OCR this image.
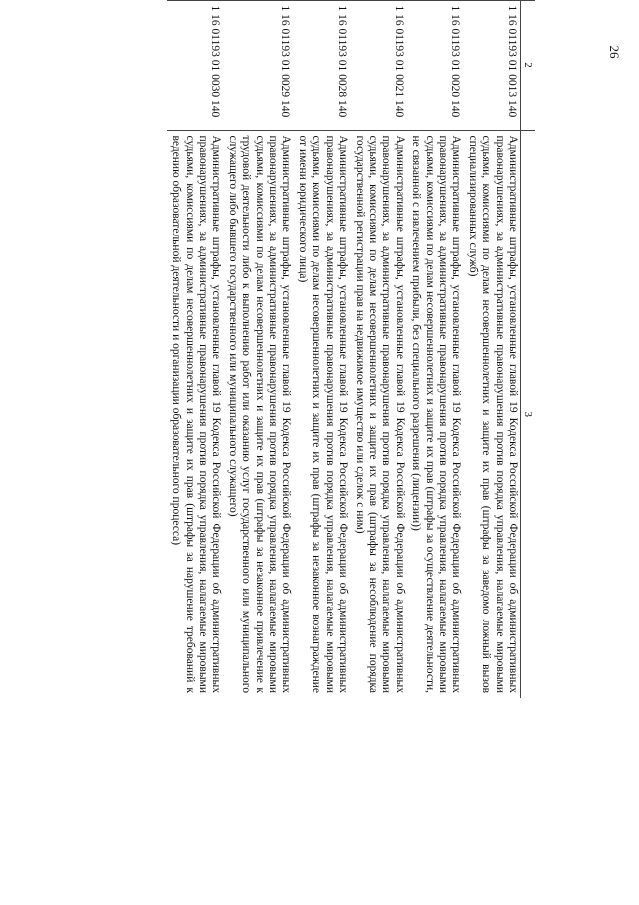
26
	2	3
	1 16 01193 01 0013 140	Административные штрафы, установленные главой 19 Кодекса Российской Федерации об административных правонарушениях, за административные правонарушения против порядка управления, налагаемые мировыми судьями, комиссиями по делам несовершеннолетних и защите их прав (штрафы за заведомо ложный вызов специализированных служб)
	1 16 01193 01 0020 140	Административные штрафы, установленные главой 19 Кодекса Российской Федерации об административных правонарушениях, за административные правонарушения против порядка управления, налагаемые мировыми судьями, комиссиями по делам несовершеннолетних и защите их прав (штрафы за осуществление деятельности, не связанной с извлечением прибыли, без специального разрешения (лицензии))
	1 16 01193 01 0021 140	Административные штрафы, установленные главой 19 Кодекса Российской Федерации об административных правонарушениях, за административные правонарушения против порядка управления, налагаемые мировыми судьями, комиссиями по делам несовершеннолетних и защите их прав (штрафы за несоблюдение порядка государственной регистрации прав на недвижимое имущество или сделок с ним)
	1 16 01193 01 0028 140	Административные штрафы, установленные главой 19 Кодекса Российской Федерации об административных правонарушениях, за административные правонарушения против порядка управления, налагаемые мировыми судьями, комиссиями по делам несовершеннолетних и защите их прав (штрафы за незаконное вознаграждение от имени юридического лица)
	1 16 01193 01 0029 140	Административные штрафы, установленные главой 19 Кодекса Российской Федерации об административных правонарушениях, за административные правонарушения против порядка управления, налагаемые мировыми судьями, комиссиями по делам несовершеннолетних и защите их прав (штрафы за незаконное привлечение к трудовой деятельности либо к выполнению работ или оказанию услуг государственного или муниципального служащего либо бывшего государственного или муниципального служащего)
	1 16 01193 01 0030 140	Административные штрафы, установленные главой 19 Кодекса Российской Федерации об административных правонарушениях, за административные правонарушения против порядка управления, налагаемые мировыми судьями, комиссиями по делам несовершеннолетних и защите их прав (штрафы за нарушение требований к ведению образовательной деятельности и организации образовательного процесса)
